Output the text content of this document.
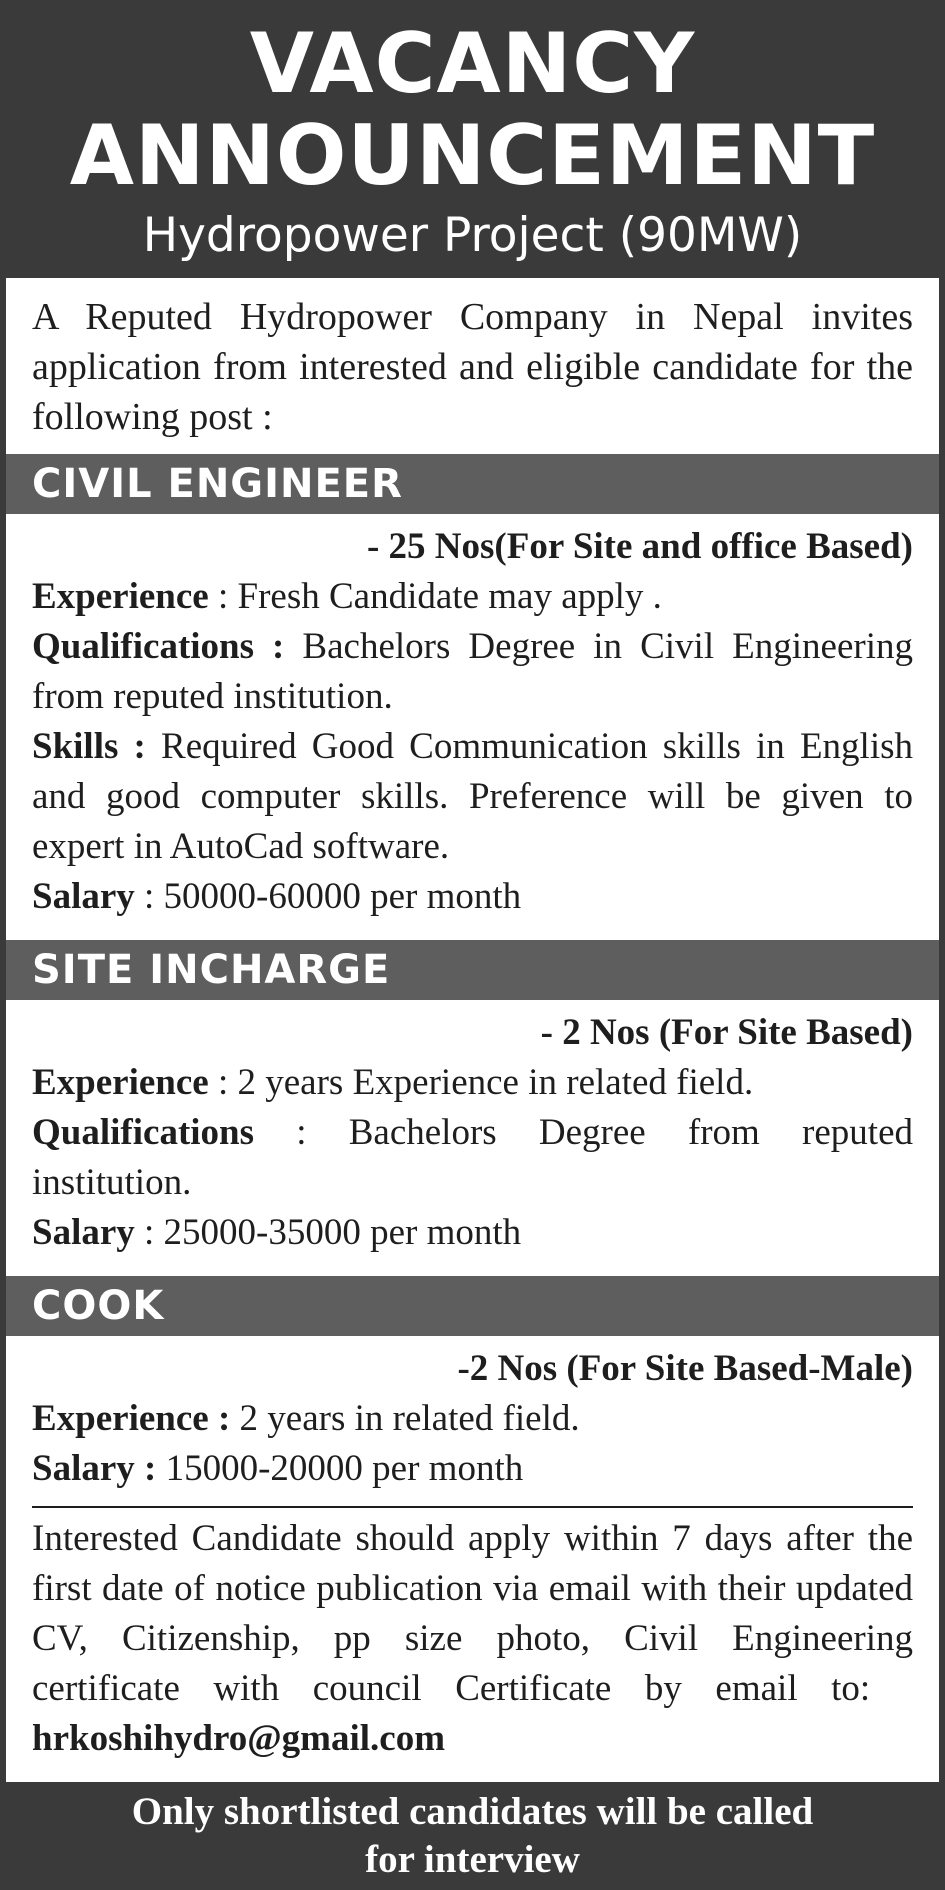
VACANCY
ANNOUNCEMENT
Hydropower Project (90MW)
A Reputed Hydropower Company in Nepal invites application from interested and eligible candidate for the following post :
CIVIL ENGINEER
- 25 Nos(For Site and office Based)
Experience : Fresh Candidate may apply .
Qualifications : Bachelors Degree in Civil Engineering from reputed institution.
Skills : Required Good Communication skills in English and good computer skills. Preference will be given to expert in AutoCad software.
Salary : 50000-60000 per month
SITE INCHARGE
- 2 Nos (For Site Based)
Experience : 2 years Experience in related field.
Qualifications : Bachelors Degree from reputed institution.
Salary : 25000-35000 per month
COOK
-2 Nos (For Site Based-Male)
Experience : 2 years in related field.
Salary : 15000-20000 per month
Interested Candidate should apply within 7 days after the first date of notice publication via email with their updated CV, Citizenship, pp size photo, Civil Engineering certificate with council Certificate by email to:   hrkoshihydro@gmail.com
Only shortlisted candidates will be called
for interview
